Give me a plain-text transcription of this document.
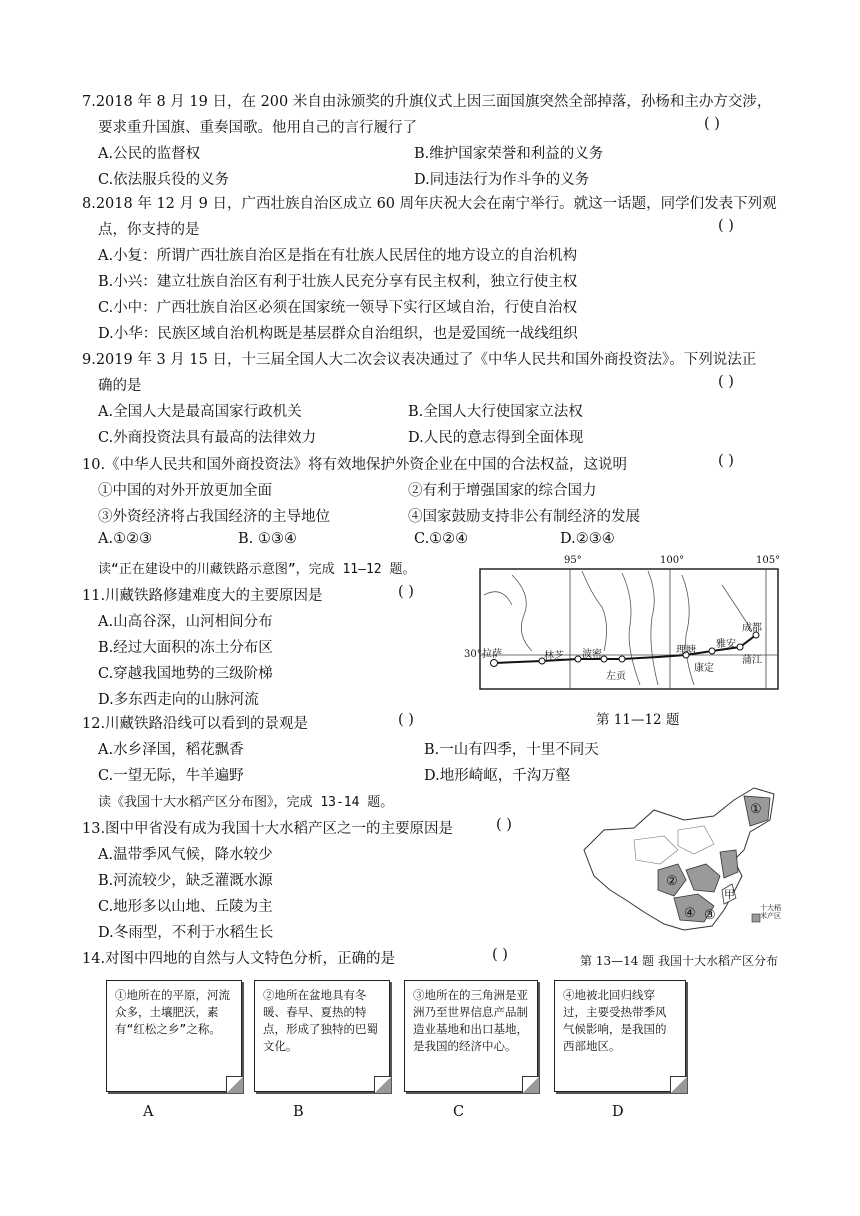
7.2018 年 8 月 19 日，在 200 米自由泳颁奖的升旗仪式上因三面国旗突然全部掉落，孙杨和主办方交涉，
要求重升国旗、重奏国歌。他用自己的言行履行了	( )
A.公民的监督权	B.维护国家荣誉和利益的义务
C.依法服兵役的义务	D.同违法行为作斗争的义务
8.2018 年 12 月 9 日，广西壮族自治区成立 60 周年庆祝大会在南宁举行。就这一话题，同学们发表下列观
点，你支持的是	( )
A.小复：所谓广西壮族自治区是指在有壮族人民居住的地方设立的自治机构
B.小兴：建立壮族自治区有利于壮族人民充分享有民主权利，独立行使主权
C.小中：广西壮族自治区必须在国家统一领导下实行区域自治，行使自治权
D.小华：民族区域自治机构既是基层群众自治组织，也是爱国统一战线组织
9.2019 年 3 月 15 日，十三届全国人大二次会议表决通过了《中华人民共和国外商投资法》。下列说法正
确的是	( )
A.全国人大是最高国家行政机关	B.全国人大行使国家立法权
C.外商投资法具有最高的法律效力	D.人民的意志得到全面体现
10.《中华人民共和国外商投资法》将有效地保护外资企业在中国的合法权益，这说明	( )
①中国的对外开放更加全面	②有利于增强国家的综合国力
③外资经济将占我国经济的主导地位	④国家鼓励支持非公有制经济的发展
A.①②③	B. ①③④	C.①②④	D.②③④
读“正在建设中的川藏铁路示意图”，完成 11—12 题。
11.川藏铁路修建难度大的主要原因是	( )
A.山高谷深，山河相间分布
B.经过大面积的冻土分布区
C.穿越我国地势的三级阶梯
D.多东西走向的山脉河流
95°	100°	105°
30° 拉萨	林芝 波密
左贡
理塘
康定
雅安
蒲江
成都
第 11—12 题
12.川藏铁路沿线可以看到的景观是	( )
A.水乡泽国，稻花飘香	B.一山有四季，十里不同天
C.一望无际，牛羊遍野	D.地形崎岖，千沟万壑
读《我国十大水稻产区分布图》，完成 13-14 题。
13.图中甲省没有成为我国十大水稻产区之一的主要原因是	( )
A.温带季风气候，降水较少
B.河流较少，缺乏灌溉水源
C.地形多以山地、丘陵为主
D.冬雨型，不利于水稻生长
①
②
③
④
甲
十大稻米产区
第 13—14 题 我国十大水稻产区分布
14.对图中四地的自然与人文特色分析，正确的是	( )
①地所在的平原，河流众多，土壤肥沃，素有“红松之乡”之称。
②地所在盆地具有冬暖、春早、夏热的特点，形成了独特的巴蜀文化。
③地所在的三角洲是亚洲乃至世界信息产品制造业基地和出口基地，是我国的经济中心。
④地被北回归线穿过，主要受热带季风气候影响，是我国的西部地区。
A	B	C	D
